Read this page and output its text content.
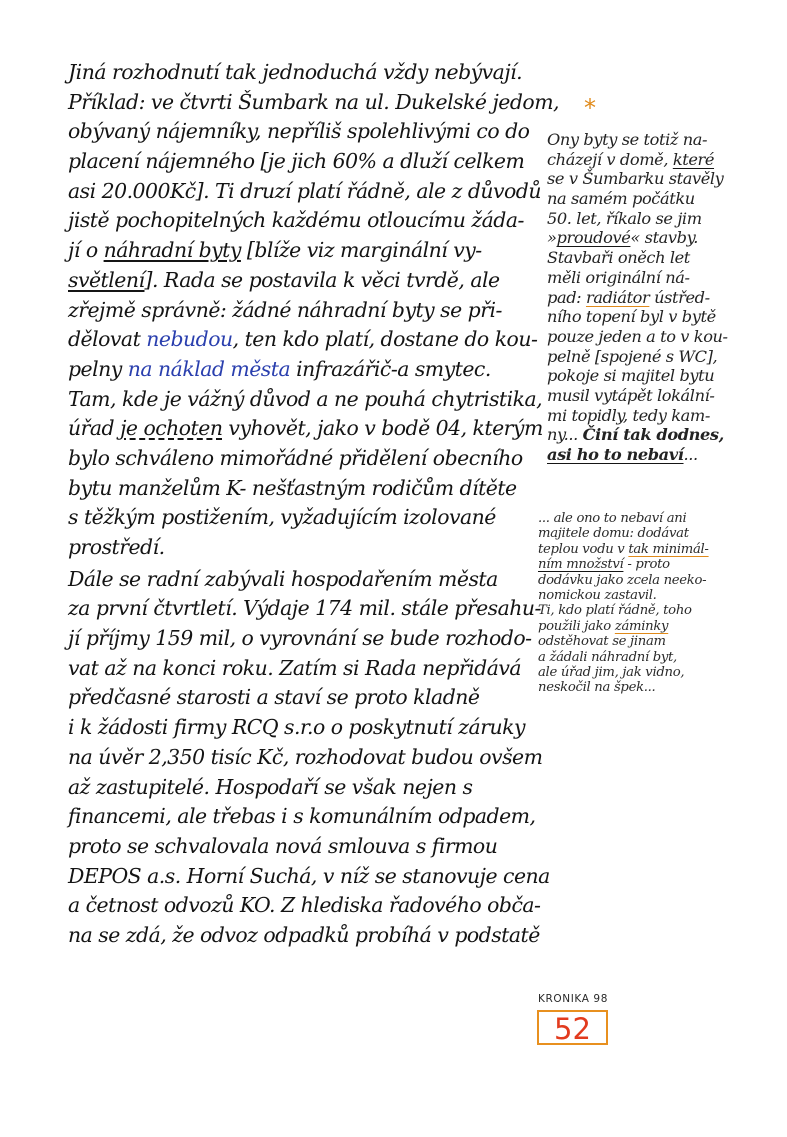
Jiná rozhodnutí tak jednoduchá vždy nebývají.
Příklad: ve čtvrti Šumbark na ul. Dukelské jedom,
obývaný nájemníky, nepříliš spolehlivými co do
placení nájemného [je jich 60% a dluží celkem
asi 20.000Kč]. Ti druzí platí řádně, ale z důvodů
jistě pochopitelných každému otloucímu žáda-
jí o náhradní byty [blíže viz marginální vy-
světlení]. Rada se postavila k věci tvrdě, ale
zřejmě správně: žádné náhradní byty se při-
dělovat nebudou, ten kdo platí, dostane do kou-
pelny na náklad města infrazářič-a smytec.
Tam, kde je vážný důvod a ne pouhá chytristika,
úřad je ochoten vyhovět, jako v bodě 04, kterým
bylo schváleno mimořádné přidělení obecního
bytu manželům K- nešťastným rodičům dítěte
s těžkým postižením, vyžadujícím izolované
prostředí.
Dále se radní zabývali hospodařením města
za první čtvrtletí. Výdaje 174 mil. stále přesahu-
jí příjmy 159 mil, o vyrovnání se bude rozhodo-
vat až na konci roku. Zatím si Rada nepřidává
předčasné starosti a staví se proto kladně
i k žádosti firmy RCQ s.r.o o poskytnutí záruky
na úvěr 2,350 tisíc Kč, rozhodovat budou ovšem
až zastupitelé. Hospodaří se však nejen s
financemi, ale třebas i s komunálním odpadem,
proto se schvalovala nová smlouva s firmou
DEPOS a.s. Horní Suchá, v níž se stanovuje cena
a četnost odvozů KO. Z hlediska řadového obča-
na se zdá, že odvoz odpadků probíhá v podstatě
*
Ony byty se totiž na-
cházejí v domě, které
se v Šumbarku stavěly
na samém počátku
50. let, říkalo se jim
»proudové« stavby.
Stavbaři oněch let
měli originální ná-
pad: radiátor ústřed-
ního topení byl v bytě
pouze jeden a to v kou-
pelně [spojené s WC],
pokoje si majitel bytu
musil vytápět lokální-
mi topidly, tedy kam-
ny... Činí tak dodnes,
asi ho to nebaví...
... ale ono to nebaví ani
majitele domu: dodávat
teplou vodu v tak minimál-
ním množství - proto
dodávku jako zcela neeko-
nomickou zastavil.
Ti, kdo platí řádně, toho
použili jako záminky
odstěhovat se jinam
a žádali náhradní byt,
ale úřad jim, jak vidno,
neskočil na špek...
KRONIKA 98
52
